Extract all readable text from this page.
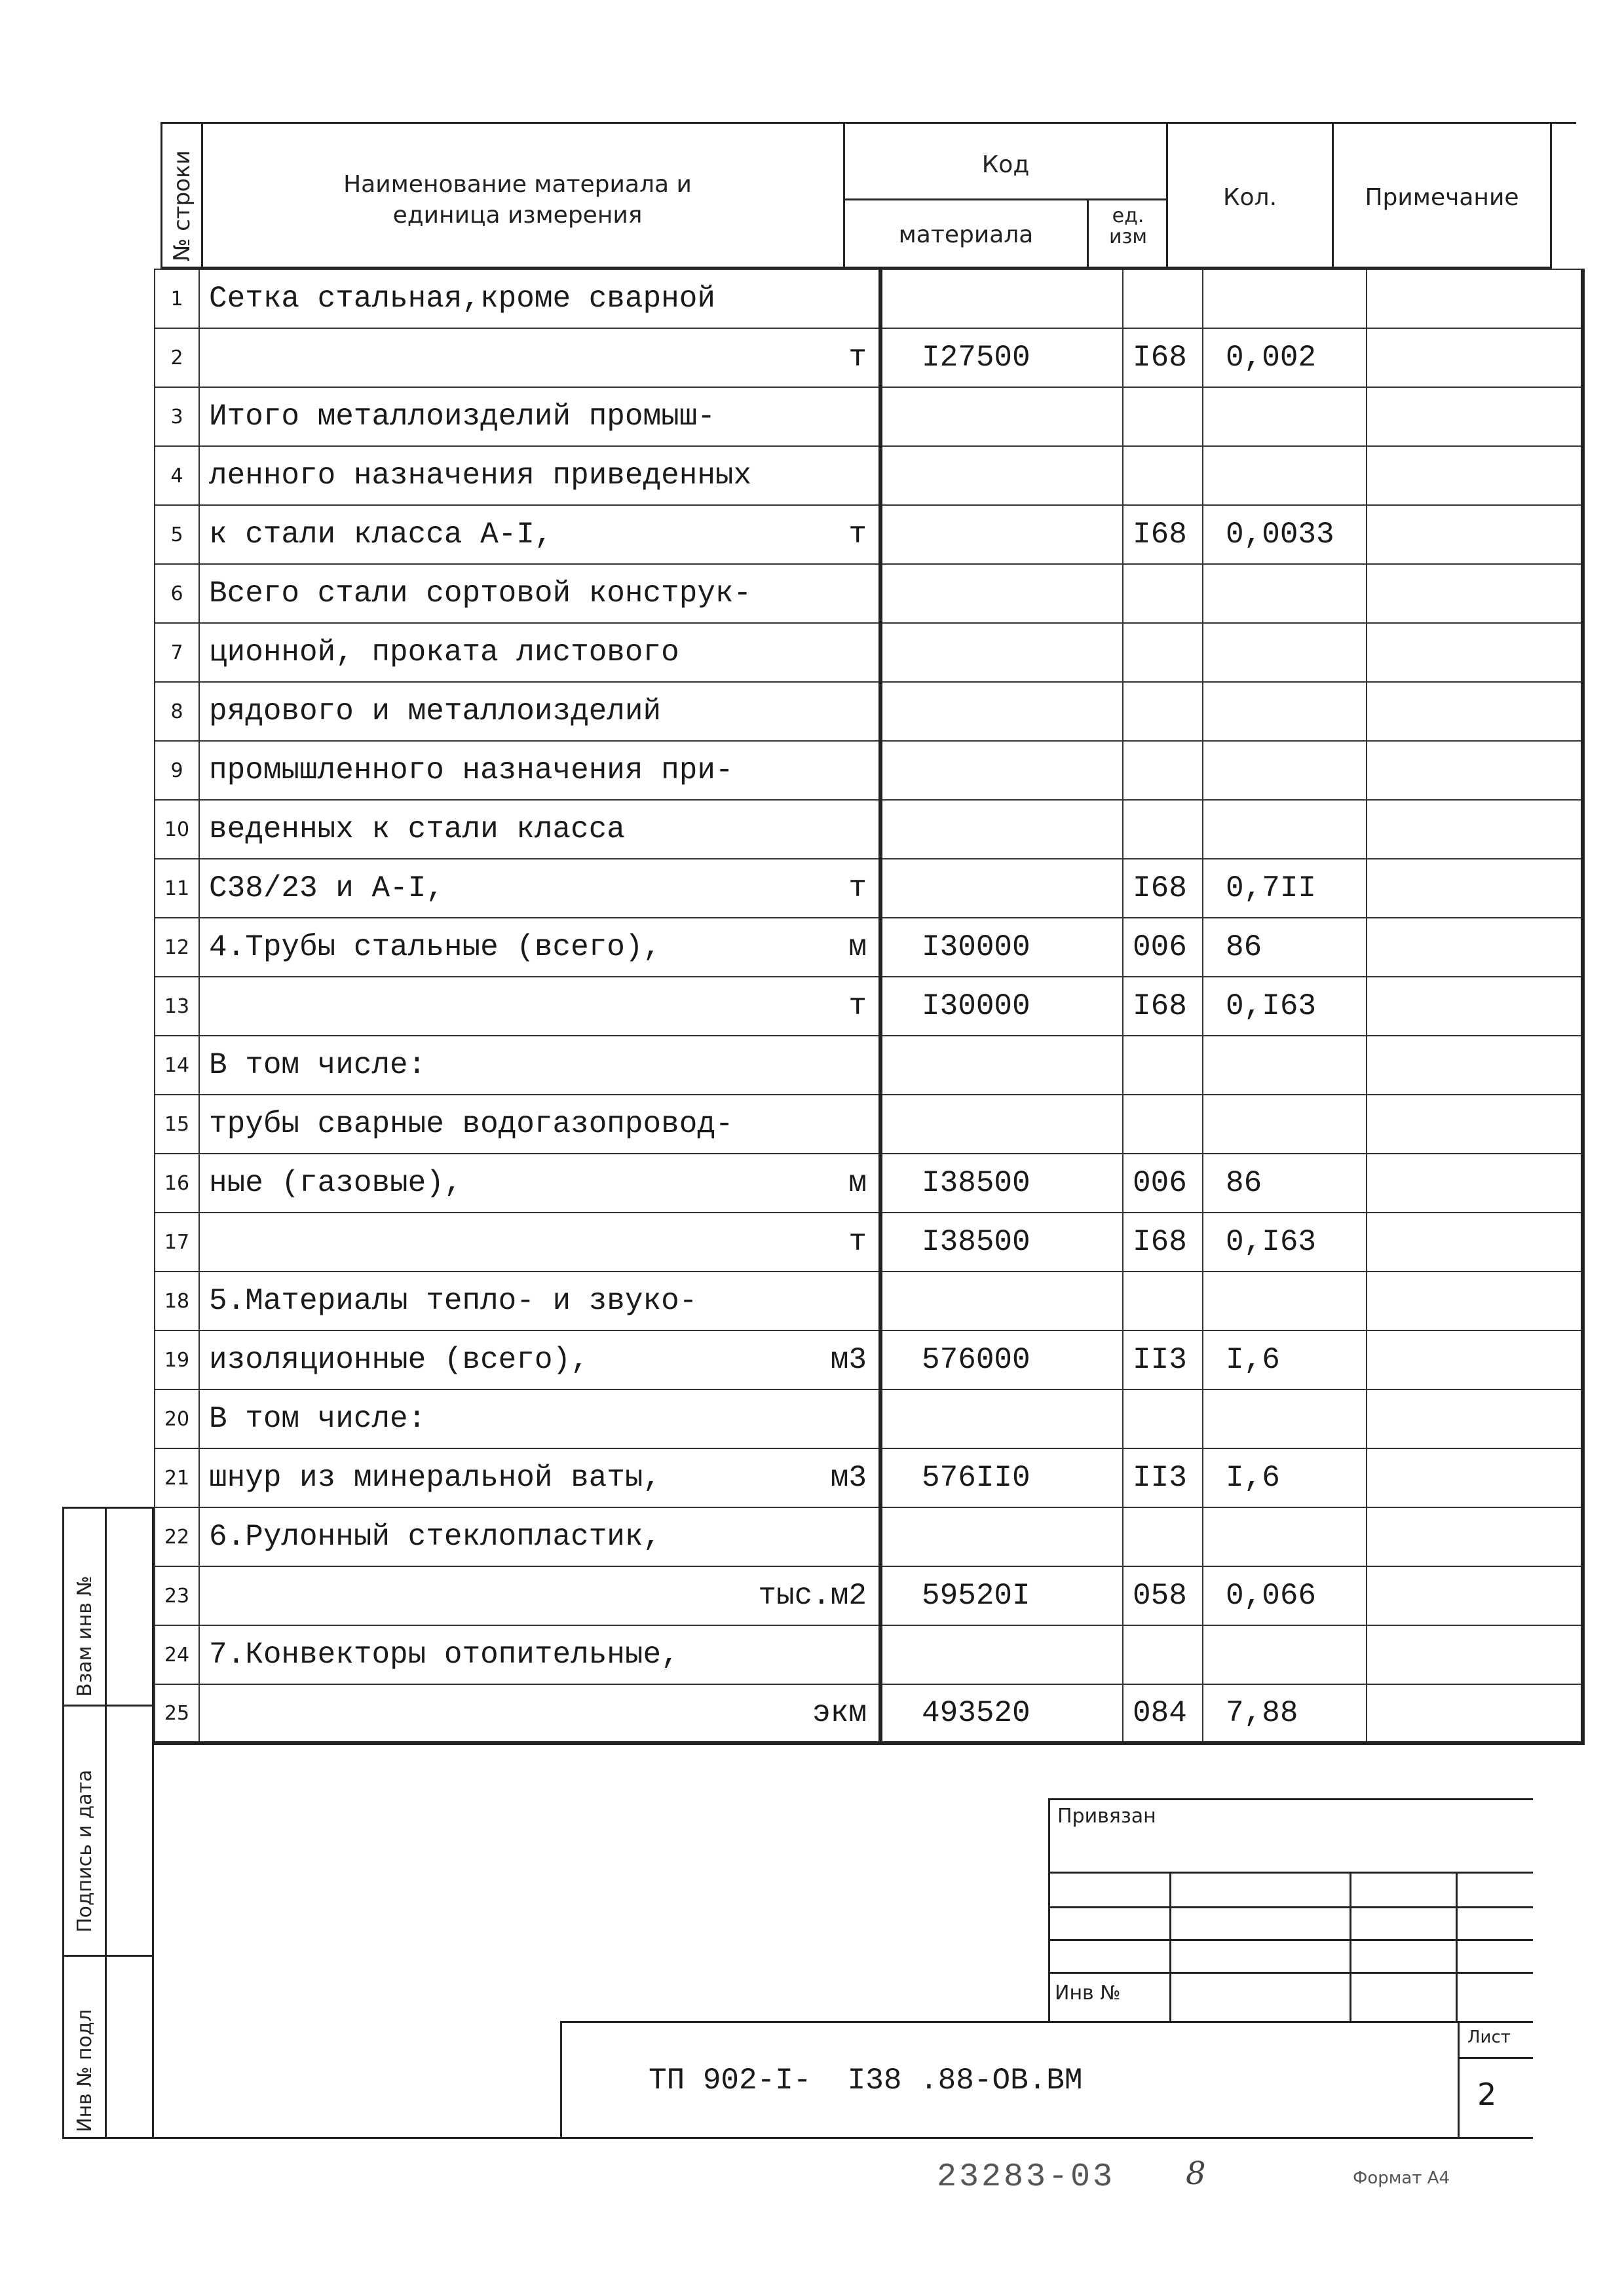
№ строки	Наименование материала и единица измерения
Код
материала
ед. изм
Кол.	Примечание
1	Сетка стальная,кроме сварной

2	т	I27500	I68	0,002	
3	Итого металлоизделий промыш-

4	ленного назначения приведенных

5	к стали класса А-I, т		I68	0,0033	
6	Всего стали сортовой конструк-

7	ционной, проката листового

8	рядового и металлоизделий

9	промышленного назначения при-

10	веденных к стали класса

11	С38/23 и А-I, т		I68	0,7II	
12	4.Трубы стальные (всего), м	I30000	006	86	
13	т	I30000	I68	0,I63	
14	В том числе:

15	трубы сварные водогазопровод-

16	ные (газовые), м	I38500	006	86	
17	т	I38500	I68	0,I63	
18	5.Материалы тепло- и звуко-

19	изоляционные (всего), м3	576000	II3	I,6	
20	В том числе:

21	шнур из минеральной ваты, м3	576II0	II3	I,6	
22	6.Рулонный стеклопластик,

23	тыс.м2	59520I	058	0,066	
24	7.Конвекторы отопительные,

25	экм	493520	084	7,88	
Взам инв №
Подпись и дата
Инв № подл
Привязан
Инв №
ТП 902-I-  I38 .88-ОВ.ВМ
Лист
2
23283-03 8	Формат А4
